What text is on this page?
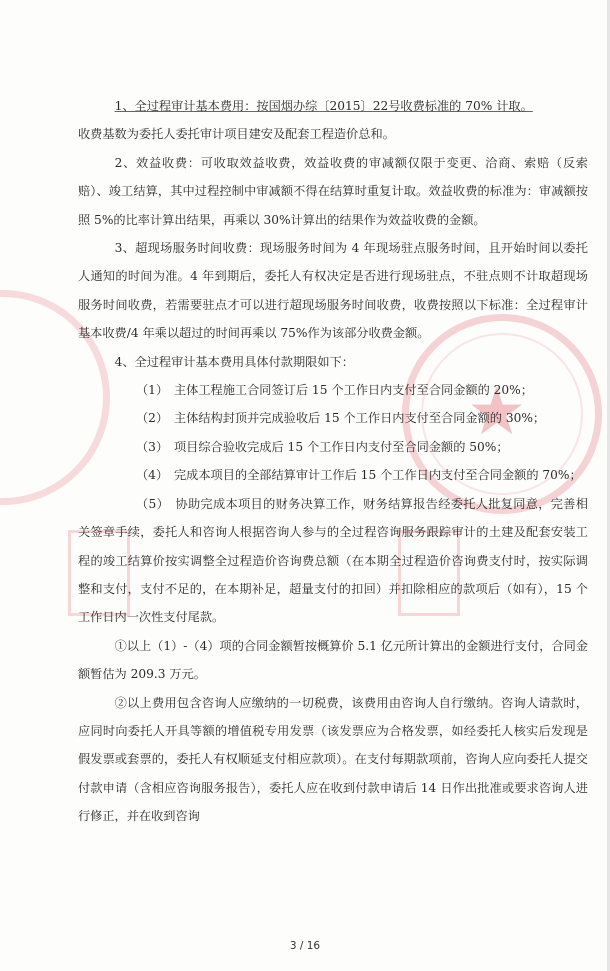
★

1、全过程审计基本费用：按国烟办综〔2015〕22号收费标准的 70% 计取。

收费基数为委托人委托审计项目建安及配套工程造价总和。

2、效益收费：可收取效益收费，效益收费的审减额仅限于变更、洽商、索赔（反索赔）、竣工结算，其中过程控制中审减额不得在结算时重复计取。效益收费的标准为：审减额按照 5%的比率计算出结果，再乘以 30%计算出的结果作为效益收费的金额。

3、超现场服务时间收费：现场服务时间为 4 年现场驻点服务时间，且开始时间以委托人通知的时间为准。4 年到期后，委托人有权决定是否进行现场驻点，不驻点则不计取超现场服务时间收费，若需要驻点才可以进行超现场服务时间收费，收费按照以下标准：全过程审计基本收费/4 年乘以超过的时间再乘以 75%作为该部分收费金额。

4、全过程审计基本费用具体付款期限如下：

（1） 主体工程施工合同签订后 15 个工作日内支付至合同金额的 20%；

（2） 主体结构封顶并完成验收后 15 个工作日内支付至合同金额的 30%；

（3） 项目综合验收完成后 15 个工作日内支付至合同金额的 50%；

（4） 完成本项目的全部结算审计工作后 15 个工作日内支付至合同金额的 70%；

（5）　协助完成本项目的财务决算工作，财务结算报告经委托人批复同意，完善相关签章手续，委托人和咨询人根据咨询人参与的全过程咨询服务跟踪审计的土建及配套安装工程的竣工结算价按实调整全过程造价咨询费总额（在本期全过程造价咨询费支付时，按实际调整和支付，支付不足的，在本期补足，超量支付的扣回）并扣除相应的款项后（如有），15 个工作日内一次性支付尾款。

①以上（1）-（4）项的合同金额暂按概算价 5.1 亿元所计算出的金额进行支付，合同金额暂估为 209.3 万元。

②以上费用包含咨询人应缴纳的一切税费，该费用由咨询人自行缴纳。咨询人请款时，应同时向委托人开具等额的增值税专用发票（该发票应为合格发票，如经委托人核实后发现是假发票或套票的，委托人有权顺延支付相应款项）。在支付每期款项前，咨询人应向委托人提交付款申请（含相应咨询服务报告），委托人应在收到付款申请后 14 日作出批准或要求咨询人进行修正，并在收到咨询

3 / 16
